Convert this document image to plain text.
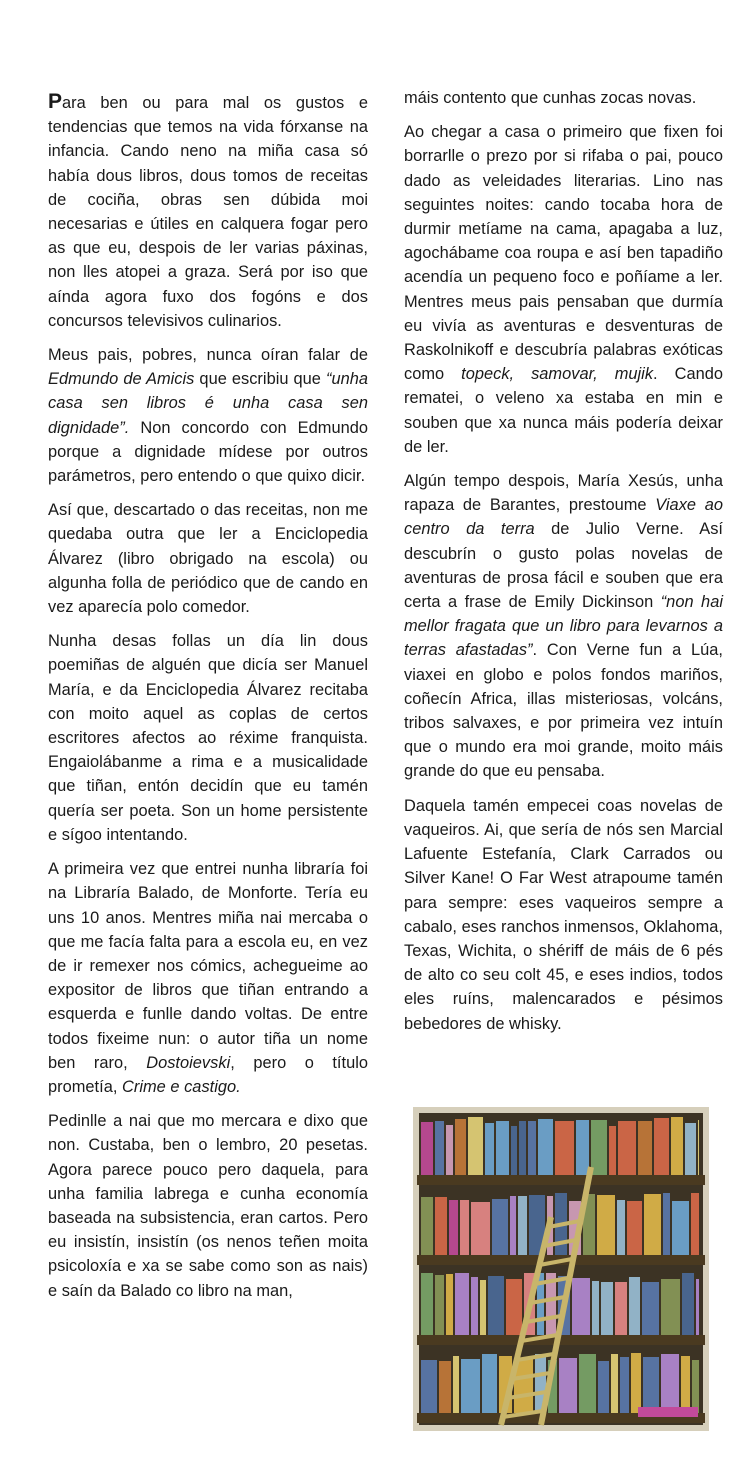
Para ben ou para mal os gustos e tendencias que temos na vida fórxanse na infancia. Cando neno na miña casa só había dous libros, dous tomos de receitas de cociña, obras sen dúbida moi necesarias e útiles en calquera fogar pero as que eu, despois de ler varias páxinas, non lles atopei a graza. Será por iso que aínda agora fuxo dos fogóns e dos concursos televisivos culinarios.

Meus pais, pobres, nunca oíran falar de Edmundo de Amicis que escribiu que “unha casa sen libros é unha casa sen dignidade”. Non concordo con Edmundo porque a dignidade mídese por outros parámetros, pero entendo o que quixo dicir.

Así que, descartado o das receitas, non me quedaba outra que ler a Enciclopedia Álvarez (libro obrigado na escola) ou algunha folla de periódico que de cando en vez aparecía polo comedor.

Nunha desas follas un día lin dous poemiñas de alguén que dicía ser Manuel María, e da Enciclopedia Álvarez recitaba con moito aquel as coplas de certos escritores afectos ao réxime franquista. Engaiolábanme a rima e a musicalidade que tiñan, entón decidín que eu tamén quería ser poeta. Son un home persistente e sígoo intentando.

A primeira vez que entrei nunha libraría foi na Libraría Balado, de Monforte. Tería eu uns 10 anos. Mentres miña nai mercaba o que me facía falta para a escola eu, en vez de ir remexer nos cómics, achegueime ao expositor de libros que tiñan entrando a esquerda e funlle dando voltas. De entre todos fixeime nun: o autor tiña un nome ben raro, Dostoievski, pero o título prometía, Crime e castigo.

Pedinlle a nai que mo mercara e dixo que non. Custaba, ben o lembro, 20 pesetas. Agora parece pouco pero daquela, para unha familia labrega e cunha economía baseada na subsistencia, eran cartos. Pero eu insistín, insistín (os nenos teñen moita psicoloxía e xa se sabe como son as nais) e saín da Balado co libro na man,

máis contento que cunhas zocas novas.

Ao chegar a casa o primeiro que fixen foi borrarlle o prezo por si rifaba o pai, pouco dado as veleidades literarias. Lino nas seguintes noites: cando tocaba hora de durmir metíame na cama, apagaba a luz, agochábame coa roupa e así ben tapadiño acendía un pequeno foco e poñíame a ler. Mentres meus pais pensaban que durmía eu vivía as aventuras e desventuras de Raskolnikoff e descubría palabras exóticas como topeck, samovar, mujik. Cando rematei, o veleno xa estaba en min e souben que xa nunca máis podería deixar de ler.

Algún tempo despois, María Xesús, unha rapaza de Barantes, prestoume Viaxe ao centro da terra de Julio Verne. Así descubrín o gusto polas novelas de aventuras de prosa fácil e souben que era certa a frase de Emily Dickinson “non hai mellor fragata que un libro para levarnos a terras afastadas”. Con Verne fun a Lúa, viaxei en globo e polos fondos mariños, coñecín Africa, illas misteriosas, volcáns, tribos salvaxes, e por primeira vez intuín que o mundo era moi grande, moito máis grande do que eu pensaba.

Daquela tamén empecei coas novelas de vaqueiros. Ai, que sería de nós sen Marcial Lafuente Estefanía, Clark Carrados ou Silver Kane! O Far West atrapoume tamén para sempre: eses vaqueiros sempre a cabalo, eses ranchos inmensos, Oklahoma, Texas, Wichita, o shériff de máis de 6 pés de alto co seu colt 45, e eses indios, todos eles ruíns, malencarados e pésimos bebedores de whisky.
